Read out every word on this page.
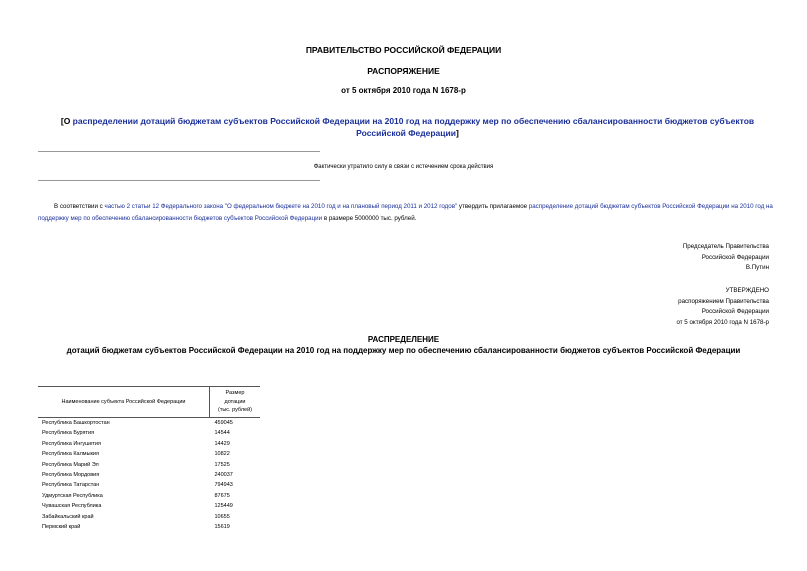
ПРАВИТЕЛЬСТВО РОССИЙСКОЙ ФЕДЕРАЦИИ
РАСПОРЯЖЕНИЕ
от 5 октября 2010 года N 1678-р
[О распределении дотаций бюджетам субъектов Российской Федерации на 2010 год на поддержку мер по обеспечению сбалансированности бюджетов субъектов Российской Федерации]
Фактически утратило силу в связи с истечением срока действия
В соответствии с частью 2 статьи 12 Федерального закона "О федеральном бюджете на 2010 год и на плановый период 2011 и 2012 годов" утвердить прилагаемое распределение дотаций бюджетам субъектов Российской Федерации на 2010 год на поддержку мер по обеспечению сбалансированности бюджетов субъектов Российской Федерации в размере 5000000 тыс. рублей.
Председатель Правительства
Российской Федерации
В.Путин
УТВЕРЖДЕНО
распоряжением Правительства
Российской Федерации
от 5 октября 2010 года N 1678-р
РАСПРЕДЕЛЕНИЕ
дотаций бюджетам субъектов Российской Федерации на 2010 год на поддержку мер по обеспечению сбалансированности бюджетов субъектов Российской Федерации
Наименование субъекта Российской Федерации	Размер
дотации
(тыс. рублей)

Республика Башкортостан	459045
Республика Бурятия	14544
Республика Ингушетия	14429
Республика Калмыкия	10822
Республика Марий Эл	17525
Республика Мордовия	240037
Республика Татарстан	794943
Удмуртская Республика	87675
Чувашская Республика	125449
Забайкальский край	10655
Пермский край	15619
